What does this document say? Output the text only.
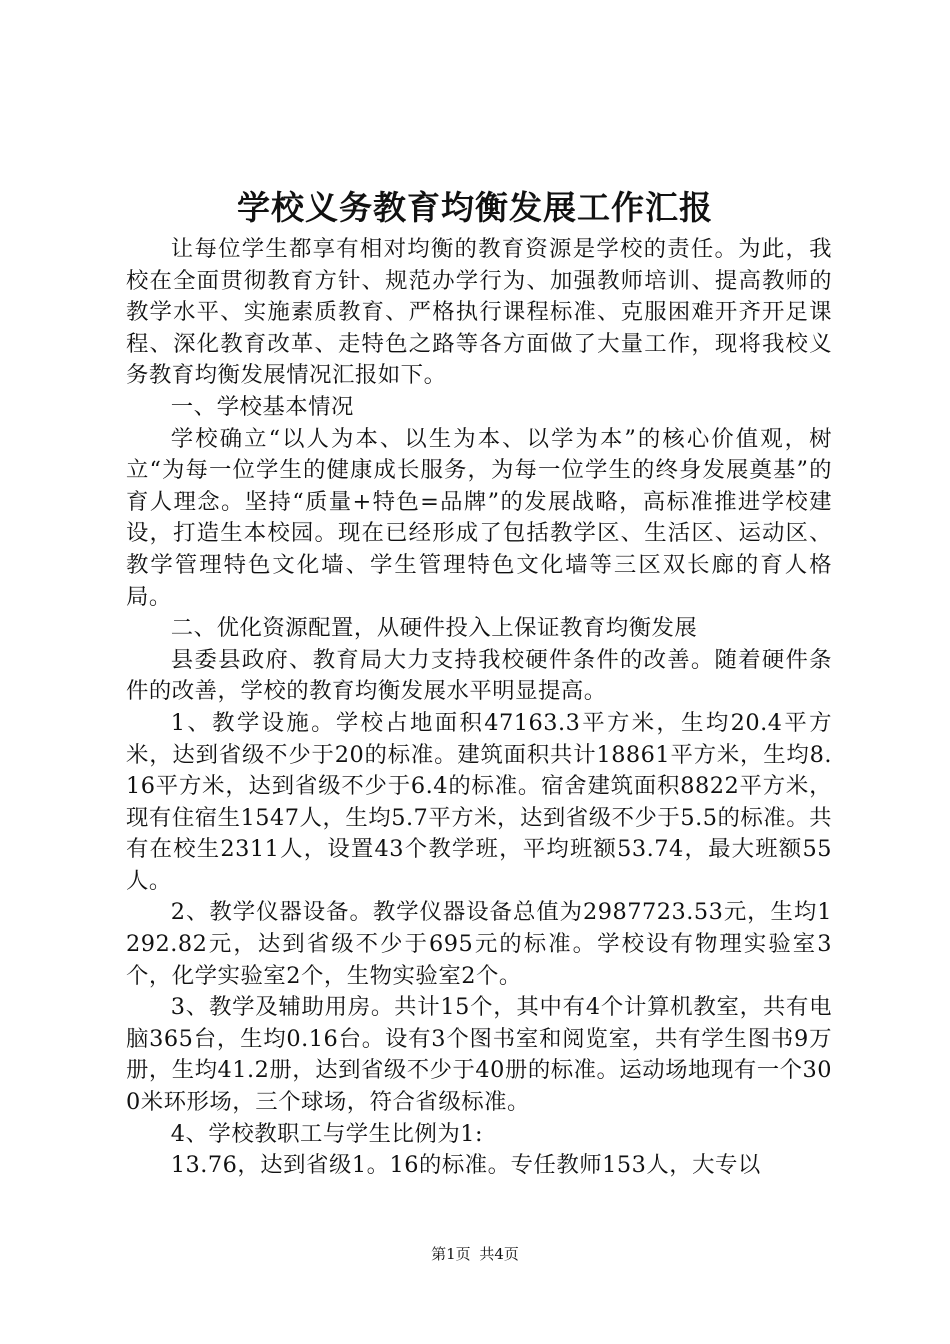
学校义务教育均衡发展工作汇报

让每位学生都享有相对均衡的教育资源是学校的责任。为此，我校在全面贯彻教育方针、规范办学行为、加强教师培训、提高教师的教学水平、实施素质教育、严格执行课程标准、克服困难开齐开足课程、深化教育改革、走特色之路等各方面做了大量工作，现将我校义务教育均衡发展情况汇报如下。

一、学校基本情况

学校确立“以人为本、以生为本、以学为本”的核心价值观，树立“为每一位学生的健康成长服务，为每一位学生的终身发展奠基”的育人理念。坚持“质量+特色=品牌”的发展战略，高标准推进学校建设，打造生本校园。现在已经形成了包括教学区、生活区、运动区、教学管理特色文化墙、学生管理特色文化墙等三区双长廊的育人格局。

二、优化资源配置，从硬件投入上保证教育均衡发展

县委县政府、教育局大力支持我校硬件条件的改善。随着硬件条件的改善，学校的教育均衡发展水平明显提高。

1、教学设施。学校占地面积47163.3平方米，生均20.4平方米，达到省级不少于20的标准。建筑面积共计18861平方米，生均8.16平方米，达到省级不少于6.4的标准。宿舍建筑面积8822平方米，现有住宿生1547人，生均5.7平方米，达到省级不少于5.5的标准。共有在校生2311人，设置43个教学班，平均班额53.74，最大班额55人。

2、教学仪器设备。教学仪器设备总值为2987723.53元，生均1292.82元，达到省级不少于695元的标准。学校设有物理实验室3个，化学实验室2个，生物实验室2个。

3、教学及辅助用房。共计15个，其中有4个计算机教室，共有电脑365台，生均0.16台。设有3个图书室和阅览室，共有学生图书9万册，生均41.2册，达到省级不少于40册的标准。运动场地现有一个300米环形场，三个球场，符合省级标准。

4、学校教职工与学生比例为1:

13.76，达到省级1。16的标准。专任教师153人，大专以

第1页 共4页
